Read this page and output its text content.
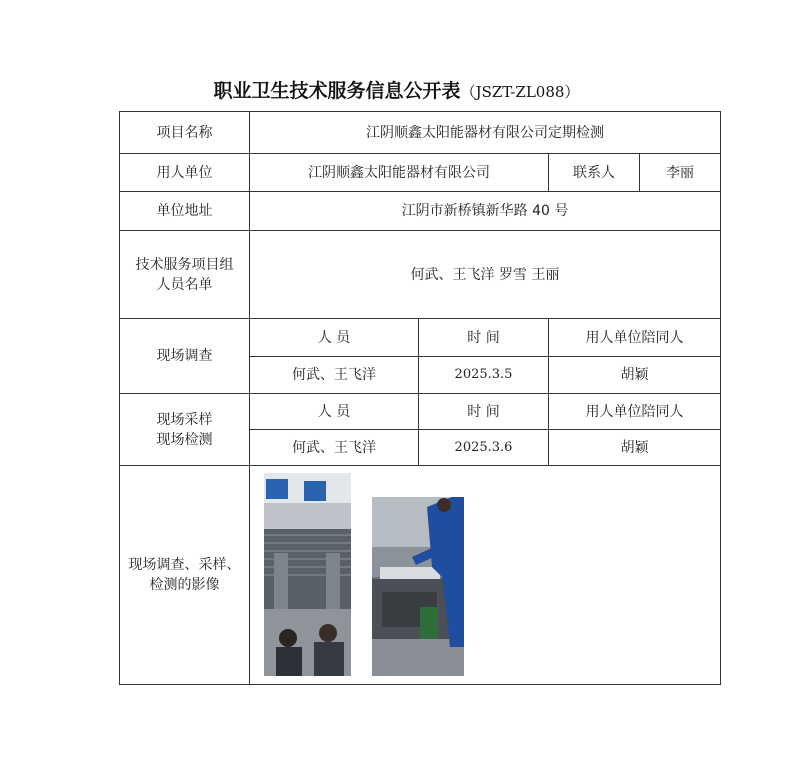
职业卫生技术服务信息公开表（JSZT-ZL088）
项目名称	江阴顺鑫太阳能器材有限公司定期检测			
用人单位	江阴顺鑫太阳能器材有限公司		联系人	李丽
单位地址	江阴市新桥镇新华路 40 号			

技术服务项目组
人员名单	何武、王飞洋 罗雪 王丽			
现场调查	人 员	时 间	用人单位陪同人	
	何武、王飞洋	2025.3.5	胡颖	

现场采样
现场检测	人 员	时 间	用人单位陪同人	
	何武、王飞洋	2025.3.6	胡颖	

现场调查、采样、
检测的影像
